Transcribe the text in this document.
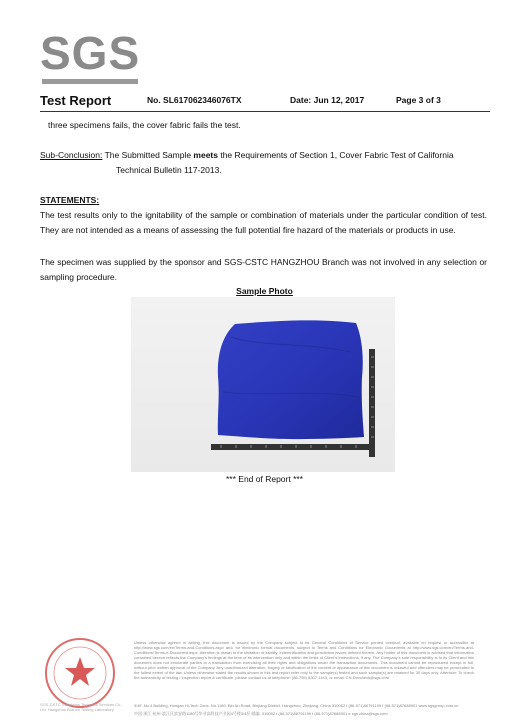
SGS
Test Report	No. SL617062346076TX	Date: Jun 12, 2017	Page 3 of 3
three specimens fails, the cover fabric fails the test.
Sub-Conclusion: The Submitted Sample meets the Requirements of Section 1, Cover Fabric Test of California
Technical Bulletin 117-2013.
STATEMENTS:
The test results only to the ignitability of the sample or combination of materials under the particular condition of test. They are not intended as a means of assessing the full potential fire hazard of the materials or products in use.
The specimen was supplied by the sponsor and SGS-CSTC HANGZHOU Branch was not involved in any selection or sampling procedure.
Sample Photo
*** End of Report ***
SGS-CSTC Standards Technical Services Co., Ltd. Hangzhou Branch Testing Laboratory
Unless otherwise agreed in writing, this document is issued by the Company subject to its General Conditions of Service printed overleaf, available on request or accessible at http://www.sgs.com/en/Terms-and-Conditions.aspx and, for electronic format documents, subject to Terms and Conditions for Electronic Documents at http://www.sgs.com/en/Terms-and-Conditions/Terms-e-Document.aspx. Attention is drawn to the limitation of liability, indemnification and jurisdiction issues defined therein. Any holder of this document is advised that information contained hereon reflects the Company's findings at the time of its intervention only and within the limits of Client's instructions, if any. The Company's sole responsibility is to its Client and this document does not exonerate parties to a transaction from exercising all their rights and obligations under the transaction documents. This document cannot be reproduced except in full, without prior written approval of the Company. Any unauthorized alteration, forgery or falsification of the content or appearance of this document is unlawful and offenders may be prosecuted to the fullest extent of the law. Unless otherwise stated the results shown in this test report refer only to the sample(s) tested and such sample(s) are retained for 30 days only. Attention: To check the authenticity of testing / inspection report & certificate, please contact us at telephone: (86-755) 8307 1443, or email: CN.Doccheck@sgs.com
3/4F, No.4 Building, Hongan Hi-Tech Zone, No.1180, Bin An Road, Binjiang District, Hangzhou, Zhejiang, China 310052 t (86-571)86791199 f (86-571)87688901 www.sgsgroup.com.cn
中国·浙江·杭州·滨江区滨安路1180号华业高科技产业园4号楼3/4层 邮编: 310052 t (86-571)86791199 f (86-571)87688901 e sgs.china@sgs.com
